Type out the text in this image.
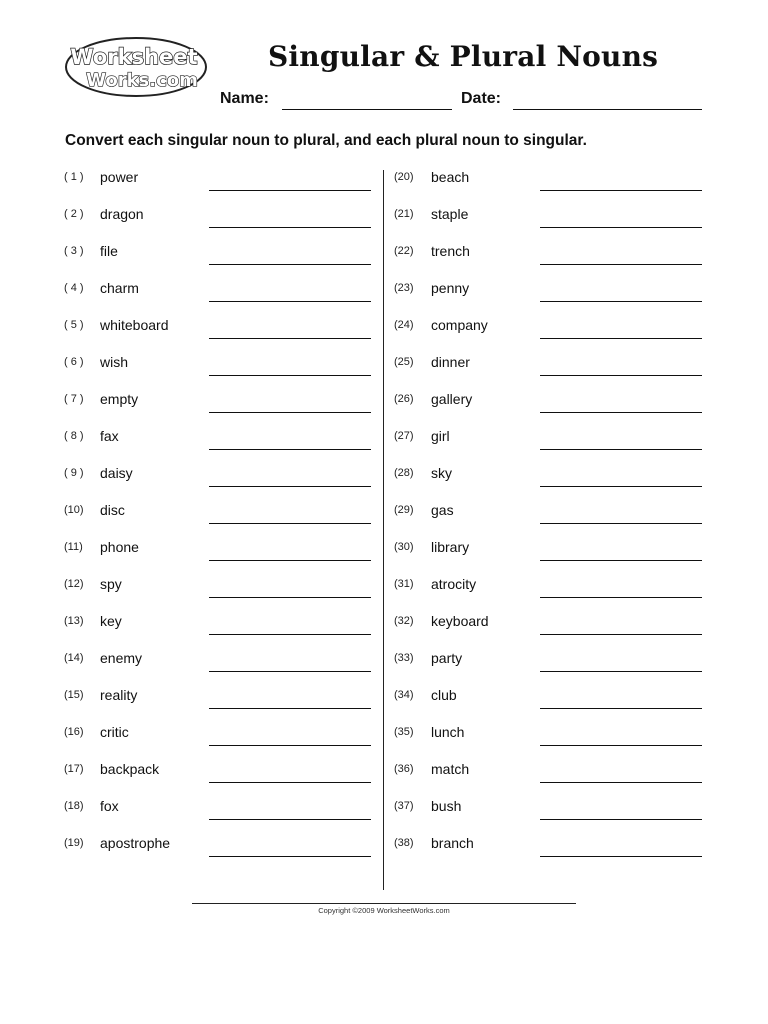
Worksheet
Works.com
Singular & Plural Nouns
Name:	Date:
Convert each singular noun to plural, and each plural noun to singular.
( 1 )	power
( 2 )	dragon
( 3 )	file
( 4 )	charm
( 5 )	whiteboard
( 6 )	wish
( 7 )	empty
( 8 )	fax
( 9 )	daisy
(10)	disc
(11)	phone
(12)	spy
(13)	key
(14)	enemy
(15)	reality
(16)	critic
(17)	backpack
(18)	fox
(19)	apostrophe
(20)	beach
(21)	staple
(22)	trench
(23)	penny
(24)	company
(25)	dinner
(26)	gallery
(27)	girl
(28)	sky
(29)	gas
(30)	library
(31)	atrocity
(32)	keyboard
(33)	party
(34)	club
(35)	lunch
(36)	match
(37)	bush
(38)	branch
Copyright ©2009 WorksheetWorks.com
